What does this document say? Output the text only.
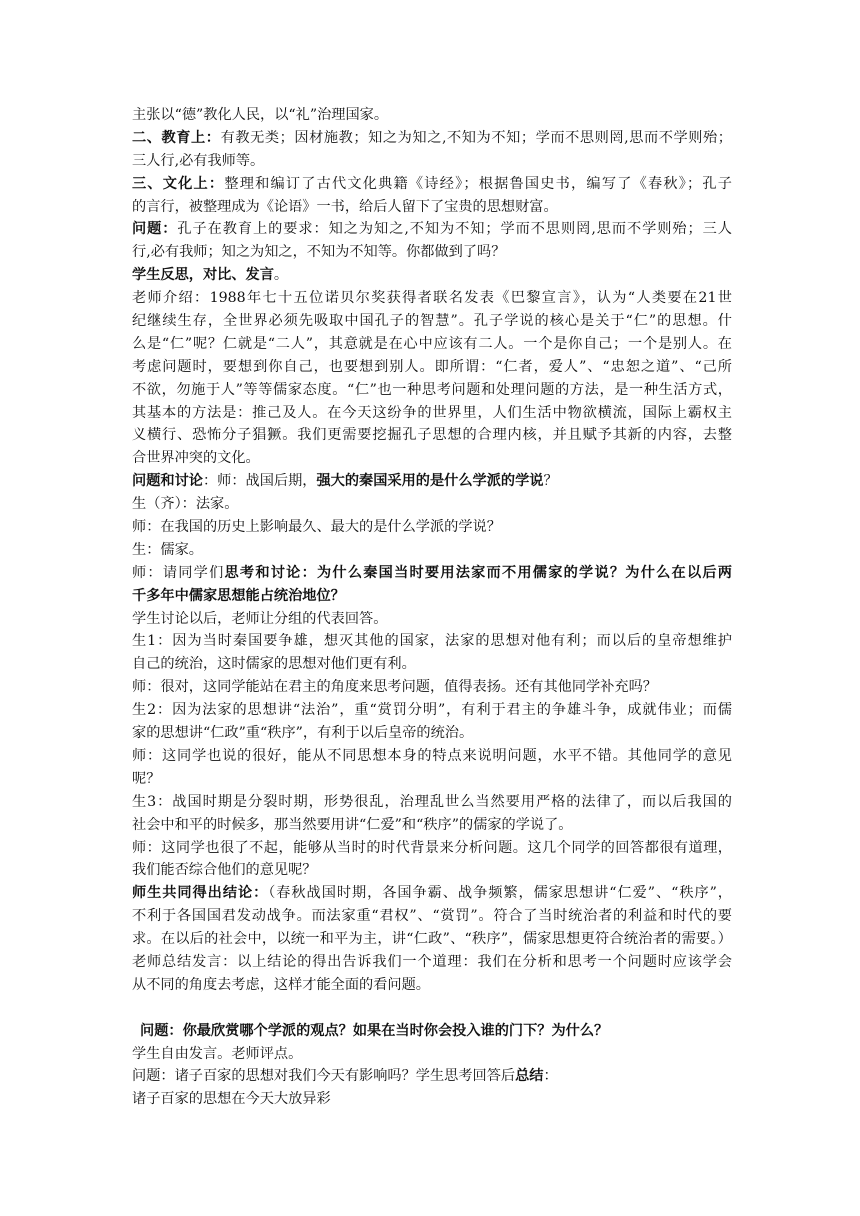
主张以“德”教化人民，以“礼”治理国家。
二、教育上：有教无类；因材施教；知之为知之,不知为不知；学而不思则罔,思而不学则殆；
三人行,必有我师等。
三、文化上：整理和编订了古代文化典籍《诗经》；根据鲁国史书，编写了《春秋》；孔子
的言行，被整理成为《论语》一书，给后人留下了宝贵的思想财富。
问题：孔子在教育上的要求：知之为知之,不知为不知；学而不思则罔,思而不学则殆；三人
行,必有我师；知之为知之，不知为不知等。你都做到了吗？
学生反思，对比、发言。
老师介绍：1988年七十五位诺贝尔奖获得者联名发表《巴黎宣言》，认为“人类要在21世
纪继续生存，全世界必须先吸取中国孔子的智慧”。孔子学说的核心是关于“仁”的思想。什
么是“仁”呢？仁就是“二人”，其意就是在心中应该有二人。一个是你自己；一个是别人。在
考虑问题时，要想到你自己，也要想到别人。即所谓：“仁者，爱人”、“忠恕之道”、“己所
不欲，勿施于人”等等儒家态度。“仁”也一种思考问题和处理问题的方法，是一种生活方式，
其基本的方法是：推己及人。在今天这纷争的世界里，人们生活中物欲横流，国际上霸权主
义横行、恐怖分子猖獗。我们更需要挖掘孔子思想的合理内核，并且赋予其新的内容，去整
合世界冲突的文化。
问题和讨论：师：战国后期，强大的秦国采用的是什么学派的学说？
生（齐）：法家。
师：在我国的历史上影响最久、最大的是什么学派的学说？
生：儒家。
师：请同学们思考和讨论：为什么秦国当时要用法家而不用儒家的学说？为什么在以后两
千多年中儒家思想能占统治地位？
学生讨论以后，老师让分组的代表回答。
生1：因为当时秦国要争雄，想灭其他的国家，法家的思想对他有利；而以后的皇帝想维护
自己的统治，这时儒家的思想对他们更有利。
师：很对，这同学能站在君主的角度来思考问题，值得表扬。还有其他同学补充吗？
生2：因为法家的思想讲“法治”，重“赏罚分明”，有利于君主的争雄斗争，成就伟业；而儒
家的思想讲“仁政”重“秩序”，有利于以后皇帝的统治。
师：这同学也说的很好，能从不同思想本身的特点来说明问题，水平不错。其他同学的意见
呢？
生3：战国时期是分裂时期，形势很乱，治理乱世么当然要用严格的法律了，而以后我国的
社会中和平的时候多，那当然要用讲“仁爱”和“秩序”的儒家的学说了。
师：这同学也很了不起，能够从当时的时代背景来分析问题。这几个同学的回答都很有道理，
我们能否综合他们的意见呢？
师生共同得出结论：（春秋战国时期，各国争霸、战争频繁，儒家思想讲“仁爱”、“秩序”，
不利于各国国君发动战争。而法家重“君权”、“赏罚”。符合了当时统治者的利益和时代的要
求。在以后的社会中，以统一和平为主，讲“仁政”、“秩序”，儒家思想更符合统治者的需要。）
老师总结发言：以上结论的得出告诉我们一个道理：我们在分析和思考一个问题时应该学会
从不同的角度去考虑，这样才能全面的看问题。
问题：你最欣赏哪个学派的观点？如果在当时你会投入谁的门下？为什么？
学生自由发言。老师评点。
问题：诸子百家的思想对我们今天有影响吗？学生思考回答后总结：
诸子百家的思想在今天大放异彩
